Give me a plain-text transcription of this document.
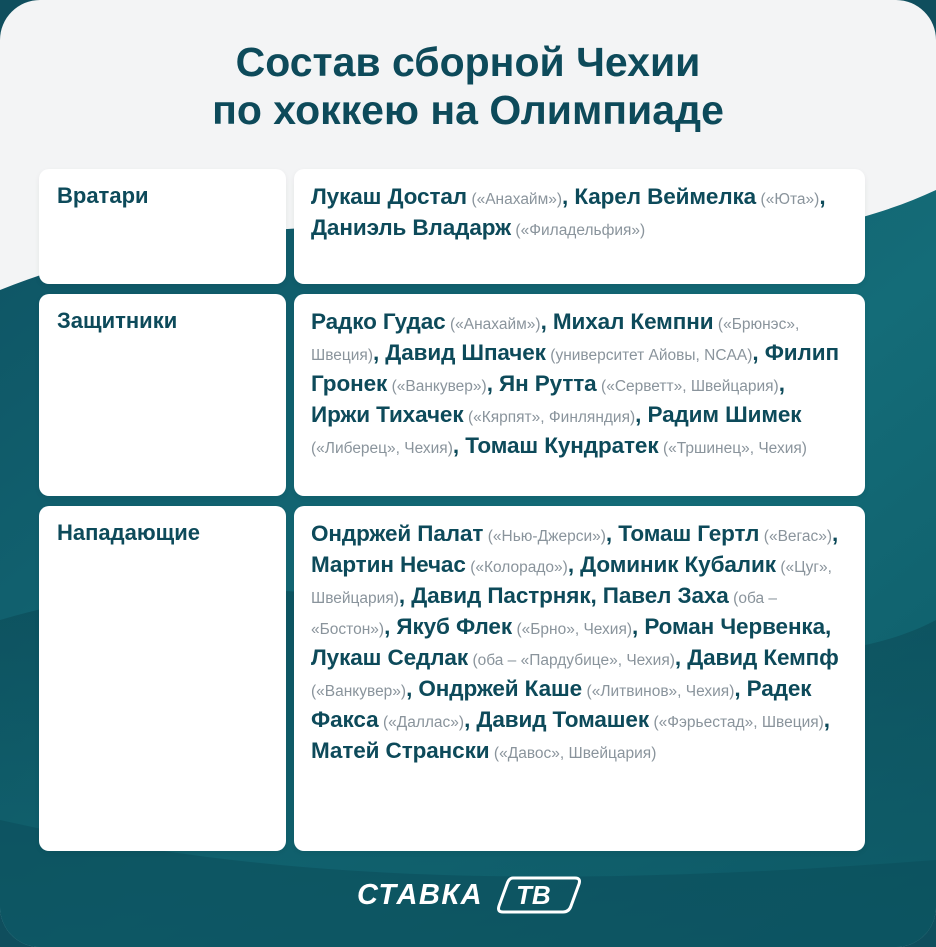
Состав сборной Чехии
по хоккею на Олимпиаде
Вратари	Лукаш Достал («Анахайм»), Карел Веймелка («Юта»), Даниэль Владарж («Филадельфия»)
Защитники	Радко Гудас («Анахайм»), Михал Кемпни («Брюнэс», Швеция), Давид Шпачек (университет Айовы, NCAA), Филип Гронек («Ванкувер»), Ян Рутта («Серветт», Швейцария), Иржи Тихачек («Кярпят», Финляндия), Радим Шимек («Либерец», Чехия), Томаш Кундратек («Тршинец», Чехия)
Нападающие	Ондржей Палат («Нью-Джерси»), Томаш Гертл («Вегас»), Мартин Нечас («Колорадо»), Доминик Кубалик («Цуг», Швейцария), Давид Пастрняк, Павел Заха (оба – «Бостон»), Якуб Флек («Брно», Чехия), Роман Червенка, Лукаш Седлак (оба – «Пардубице», Чехия), Давид Кемпф («Ванкувер»), Ондржей Каше («Литвинов», Чехия), Радек Факса («Даллас»), Давид Томашек («Фэрьестад», Швеция), Матей Странски («Давос», Швейцария)
СТАВКА ТВ
